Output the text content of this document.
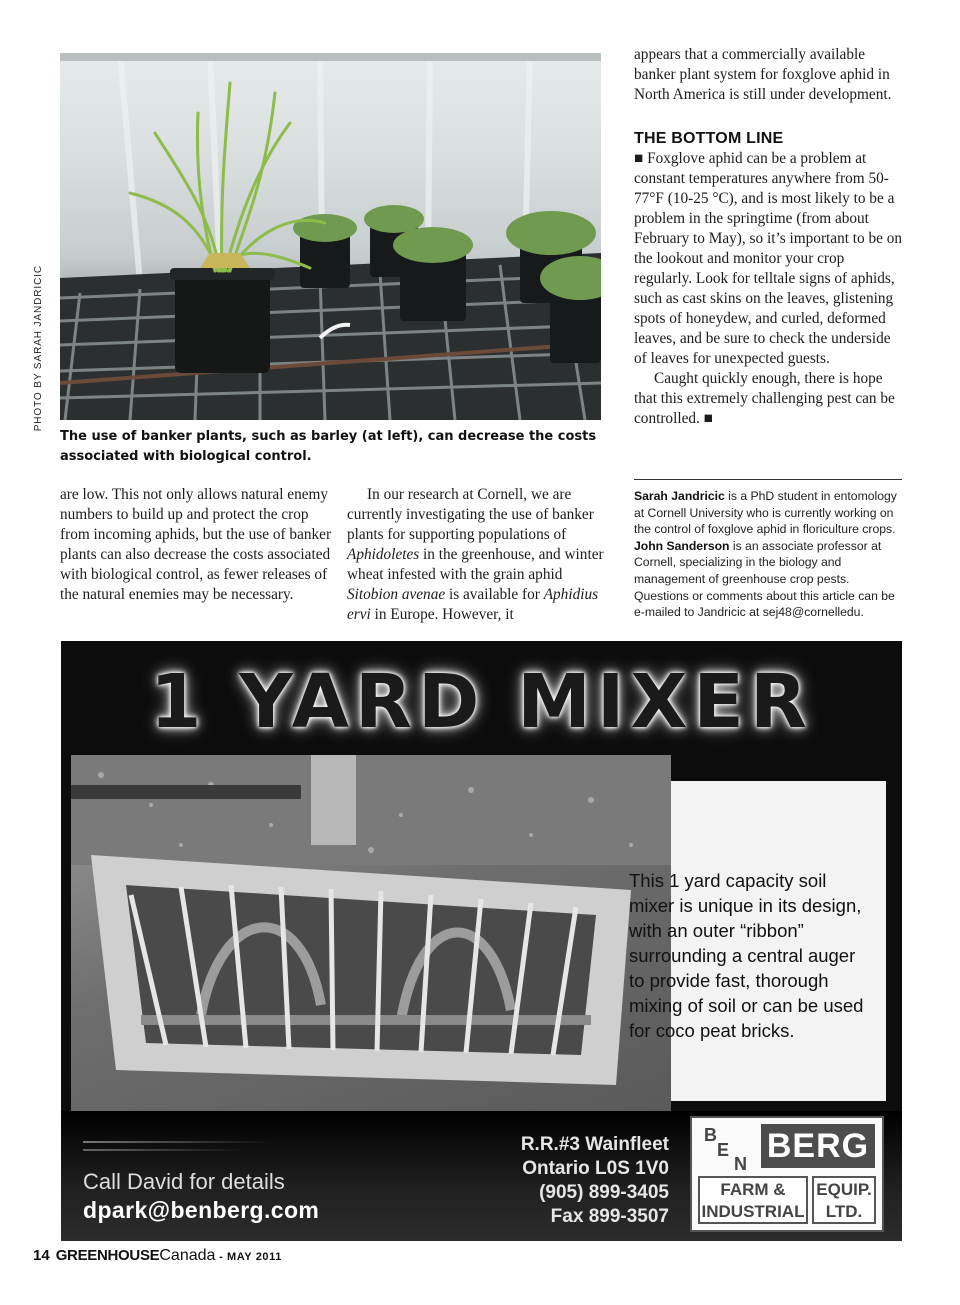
PHOTO BY SARAH JANDRICIC
The use of banker plants, such as barley (at left), can decrease the costs associated with biological control.

are low. This not only allows natural enemy numbers to build up and protect the crop from incoming aphids, but the use of banker plants can also decrease the costs associated with biological control, as fewer releases of the natural enemies may be necessary.

In our research at Cornell, we are currently investigating the use of banker plants for supporting populations of Aphidoletes in the greenhouse, and winter wheat infested with the grain aphid Sitobion avenae is available for Aphidius ervi in Europe. However, it

appears that a commercially available banker plant system for foxglove aphid in North America is still under development.

THE BOTTOM LINE

■ Foxglove aphid can be a problem at constant temperatures anywhere from 50-77°F (10-25 °C), and is most likely to be a problem in the springtime (from about February to May), so it’s important to be on the lookout and monitor your crop regularly. Look for telltale signs of aphids, such as cast skins on the leaves, glistening spots of honeydew, and curled, deformed leaves, and be sure to check the underside of leaves for unexpected guests.

Caught quickly enough, there is hope that this extremely challenging pest can be controlled. ■

Sarah Jandricic is a PhD student in entomology at Cornell University who is currently working on the control of foxglove aphid in floriculture crops. John Sanderson is an associate professor at Cornell, specializing in the biology and management of greenhouse crop pests. Questions or comments about this article can be e-mailed to Jandricic at sej48@cornelledu.
1 YARD MIXER
This 1 yard capacity soil mixer is unique in its design, with an outer “ribbon” surrounding a central auger to provide fast, thorough mixing of soil or can be used for coco peat bricks.
Call David for details
dpark@benberg.com
R.R.#3 Wainfleet
Ontario L0S 1V0
(905) 899-3405
Fax 899-3507
B
E
N BERG
FARM &
INDUSTRIAL
EQUIP.
LTD.
14 GREENHOUSECanada - MAY 2011
